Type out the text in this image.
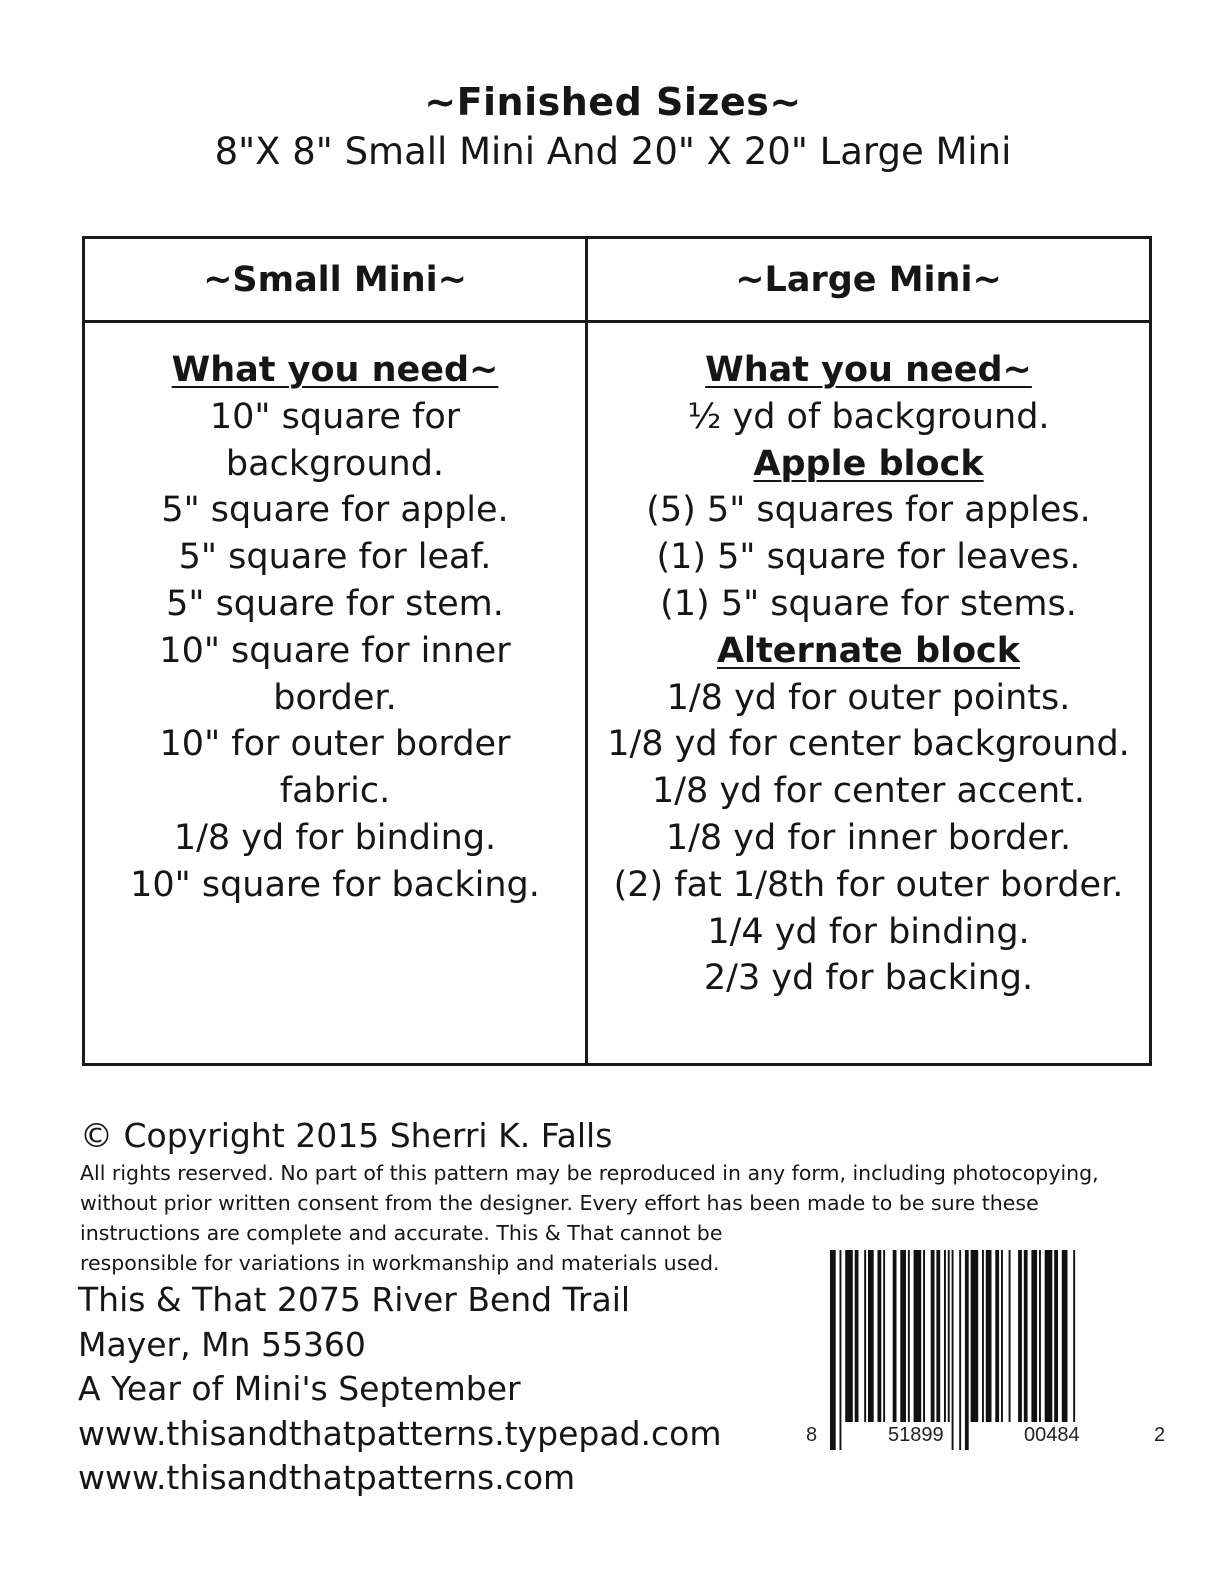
~Finished Sizes~
8"X 8" Small Mini And 20" X 20" Large Mini
~Small Mini~
What you need~
10" square for
background.
5" square for apple.
5" square for leaf.
5" square for stem.
10" square for inner
border.
10" for outer border
fabric.
1/8 yd for binding.
10" square for backing.
~Large Mini~
What you need~
½ yd of background.
Apple block
(5) 5" squares for apples.
(1) 5" square for leaves.
(1) 5" square for stems.
Alternate block
1/8 yd for outer points.
1/8 yd for center background.
1/8 yd for center accent.
1/8 yd for inner border.
(2) fat 1/8th for outer border.
1/4 yd for binding.
2/3 yd for backing.
© Copyright 2015 Sherri K. Falls
All rights reserved. No part of this pattern may be reproduced in any form, including photocopying,
without prior written consent from the designer. Every effort has been made to be sure these
instructions are complete and accurate. This & That cannot be
responsible for variations in workmanship and materials used.
This & That 2075 River Bend Trail
Mayer, Mn 55360
A Year of Mini's September
www.thisandthatpatterns.typepad.com
www.thisandthatpatterns.com
8	51899	00484	2
